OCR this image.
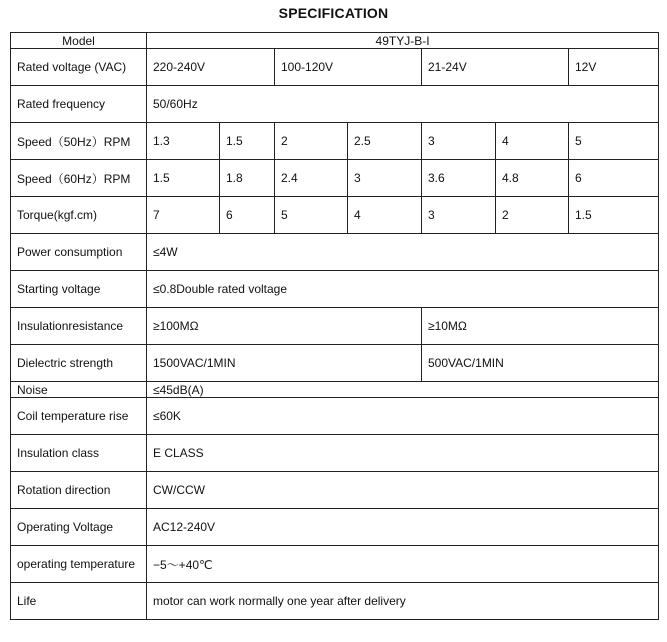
SPECIFICATION
Model	49TYJ-B-I						
Rated voltage (VAC)	220-240V		100-120V		21-24V		12V
Rated frequency	50/60Hz						
Speed（50Hz）RPM	1.3	1.5	2	2.5	3	4	5
Speed（60Hz）RPM	1.5	1.8	2.4	3	3.6	4.8	6
Torque(kgf.cm)	7	6	5	4	3	2	1.5
Power consumption	≤4W						
Starting voltage	≤0.8Double rated voltage						
Insulationresistance	≥100MΩ				≥10MΩ		
Dielectric strength	1500VAC/1MIN				500VAC/1MIN		
Noise	≤45dB(A)						
Coil temperature rise	≤60K						
Insulation class	E CLASS						
Rotation direction	CW/CCW						
Operating Voltage	AC12-240V						
operating temperature	−5～+40℃						
Life	motor can work normally one year after delivery						
